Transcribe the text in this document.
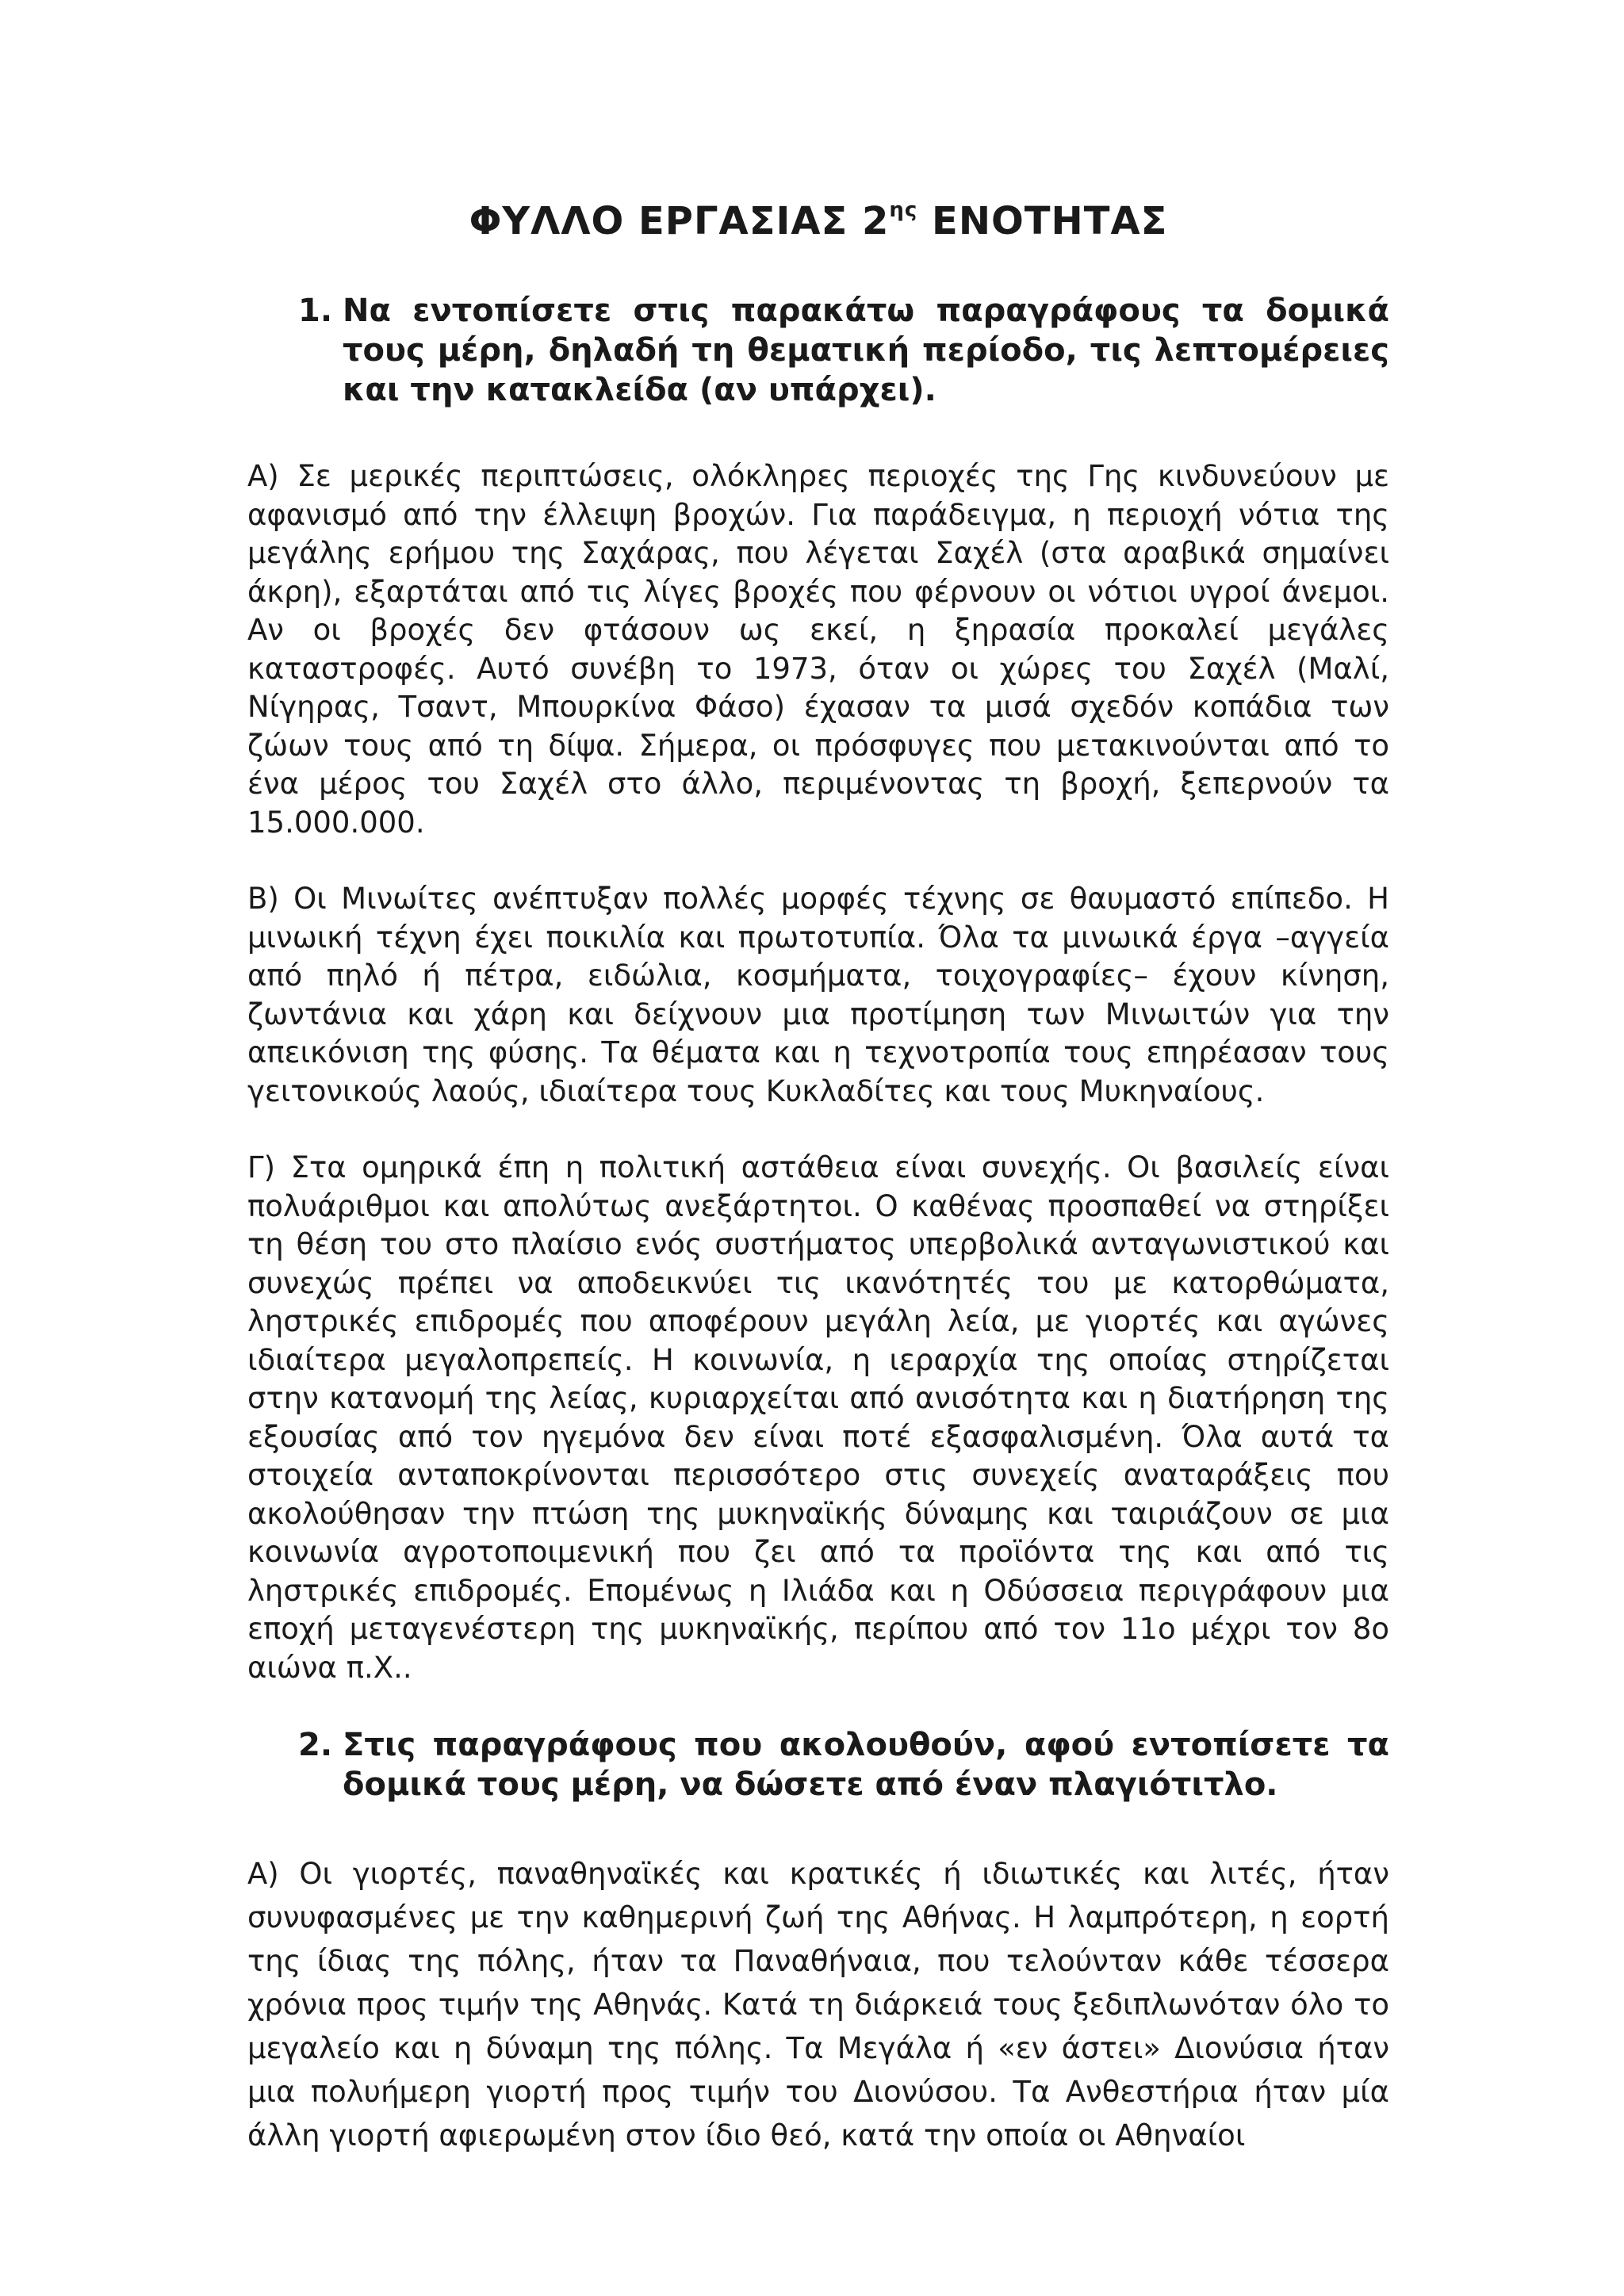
ΦΥΛΛΟ ΕΡΓΑΣΙΑΣ $2^{\eta\varsigma}$ ΕΝΟΤΗΤΑΣ
1. Να εντοπίσετε στις παρακάτω παραγράφους τα δομικά τους μέρη, δηλαδή τη θεματική περίοδο, τις λεπτομέρειες και την κατακλείδα (αν υπάρχει).

Α) Σε μερικές περιπτώσεις, ολόκληρες περιοχές της Γης κινδυνεύουν με αφανισμό από την έλλειψη βροχών. Για παράδειγμα, η περιοχή νότια της μεγάλης ερήμου της Σαχάρας, που λέγεται Σαχέλ (στα αραβικά σημαίνει άκρη), εξαρτάται από τις λίγες βροχές που φέρνουν οι νότιοι υγροί άνεμοι. Αν οι βροχές δεν φτάσουν ως εκεί, η ξηρασία προκαλεί μεγάλες καταστροφές. Αυτό συνέβη το 1973, όταν οι χώρες του Σαχέλ (Μαλί, Νίγηρας, Τσαντ, Μπουρκίνα Φάσο) έχασαν τα μισά σχεδόν κοπάδια των ζώων τους από τη δίψα. Σήμερα, οι πρόσφυγες που μετακινούνται από το ένα μέρος του Σαχέλ στο άλλο, περιμένοντας τη βροχή, ξεπερνούν τα 15.000.000.

Β) Οι Μινωίτες ανέπτυξαν πολλές μορφές τέχνης σε θαυμαστό επίπεδο. Η μινωική τέχνη έχει ποικιλία και πρωτοτυπία. Όλα τα μινωικά έργα –αγγεία από πηλό ή πέτρα, ειδώλια, κοσμήματα, τοιχογραφίες– έχουν κίνηση, ζωντάνια και χάρη και δείχνουν μια προτίμηση των Μινωιτών για την απεικόνιση της φύσης. Τα θέματα και η τεχνοτροπία τους επηρέασαν τους γειτονικούς λαούς, ιδιαίτερα τους Κυκλαδίτες και τους Μυκηναίους.

Γ) Στα ομηρικά έπη η πολιτική αστάθεια είναι συνεχής. Οι βασιλείς είναι πολυάριθμοι και απολύτως ανεξάρτητοι. Ο καθένας προσπαθεί να στηρίξει τη θέση του στο πλαίσιο ενός συστήματος υπερβολικά ανταγωνιστικού και συνεχώς πρέπει να αποδεικνύει τις ικανότητές του με κατορθώματα, ληστρικές επιδρομές που αποφέρουν μεγάλη λεία, με γιορτές και αγώνες ιδιαίτερα μεγαλοπρεπείς. Η κοινωνία, η ιεραρχία της οποίας στηρίζεται στην κατανομή της λείας, κυριαρχείται από ανισότητα και η διατήρηση της εξουσίας από τον ηγεμόνα δεν είναι ποτέ εξασφαλισμένη. Όλα αυτά τα στοιχεία ανταποκρίνονται περισσότερο στις συνεχείς αναταράξεις που ακολούθησαν την πτώση της μυκηναϊκής δύναμης και ταιριάζουν σε μια κοινωνία αγροτοποιμενική που ζει από τα προϊόντα της και από τις ληστρικές επιδρομές. Επομένως η Ιλιάδα και η Οδύσσεια περιγράφουν μια εποχή μεταγενέστερη της μυκηναϊκής, περίπου από τον 11ο μέχρι τον 8ο αιώνα π.Χ..

2. Στις παραγράφους που ακολουθούν, αφού εντοπίσετε τα δομικά τους μέρη, να δώσετε από έναν πλαγιότιτλο.

Α) Οι γιορτές, παναθηναϊκές και κρατικές ή ιδιωτικές και λιτές, ήταν συνυφασμένες με την καθημερινή ζωή της Αθήνας. Η λαμπρότερη, η εορτή της ίδιας της πόλης, ήταν τα Παναθήναια, που τελούνταν κάθε τέσσερα χρόνια προς τιμήν της Αθηνάς. Κατά τη διάρκειά τους ξεδιπλωνόταν όλο το μεγαλείο και η δύναμη της πόλης. Τα Μεγάλα ή «εν άστει» Διονύσια ήταν μια πολυήμερη γιορτή προς τιμήν του Διονύσου. Τα Ανθεστήρια ήταν μία άλλη γιορτή αφιερωμένη στον ίδιο θεό, κατά την οποία οι Αθηναίοι
